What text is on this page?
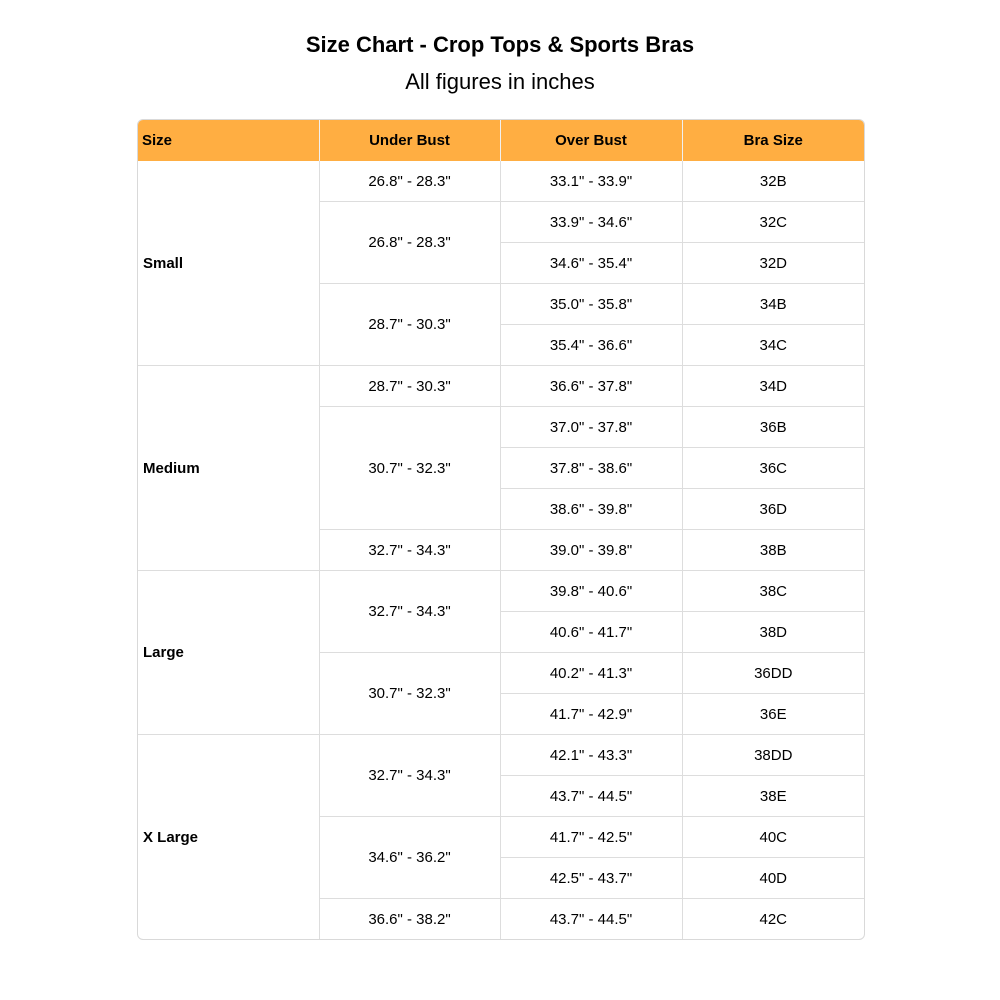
Size Chart - Crop Tops & Sports Bras
All figures in inches
Size	Under Bust	Over Bust	Bra Size
Small	26.8" - 28.3"	33.1" - 33.9"	32B
	26.8" - 28.3"	33.9" - 34.6"	32C
		34.6" - 35.4"	32D
	28.7" - 30.3"	35.0" - 35.8"	34B
		35.4" - 36.6"	34C
Medium	28.7" - 30.3"	36.6" - 37.8"	34D
	30.7" - 32.3"	37.0" - 37.8"	36B
		37.8" - 38.6"	36C
		38.6" - 39.8"	36D
	32.7" - 34.3"	39.0" - 39.8"	38B
Large	32.7" - 34.3"	39.8" - 40.6"	38C
		40.6" - 41.7"	38D
	30.7" - 32.3"	40.2" - 41.3"	36DD
		41.7" - 42.9"	36E
X Large	32.7" - 34.3"	42.1" - 43.3"	38DD
		43.7" - 44.5"	38E
	34.6" - 36.2"	41.7" - 42.5"	40C
		42.5" - 43.7"	40D
	36.6" - 38.2"	43.7" - 44.5"	42C
